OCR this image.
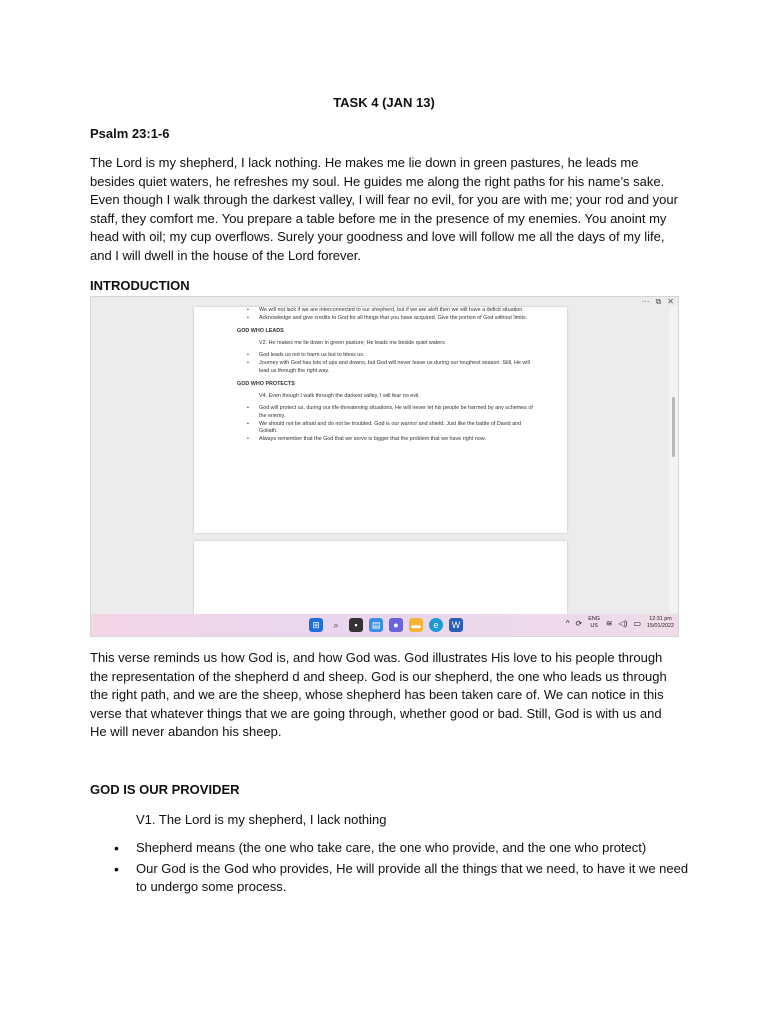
TASK 4 (JAN 13)
Psalm 23:1-6
The Lord is my shepherd, I lack nothing. He makes me lie down in green pastures, he leads me besides quiet waters, he refreshes my soul. He guides me along the right paths for his name’s sake. Even though I walk through the darkest valley, I will fear no evil, for you are with me; your rod and your staff, they comfort me. You prepare a table before me in the presence of my enemies. You anoint my head with oil; my cup overflows. Surely your goodness and love will follow me all the days of my life, and I will dwell in the house of the Lord forever.
INTRODUCTION
··· ⧉ ✕
• We will not lack if we are interconnected to our shepherd, but if we are aloft then we will have a deficit situation.
• Acknowledge and give credits to God for all things that you have acquired. Give the portion of God without limits.
GOD WHO LEADS
V2. He makes me lie down in green pasture; He leads me beside quiet waters
• God leads us not to harm us but to bless us.
• Journey with God has lots of ups and downs, but God will never leave us during our toughest season. Still, He will lead us through the right way.
GOD WHO PROTECTS
V4. Even though I walk through the darkest valley, I will fear no evil.
• God will protect us, during our life-threatening situations, He will never let his people be harmed by any schemes of the enemy.
• We should not be afraid and do not be troubled. God is our warrior and shield. Just like the battle of David and Goliath.
• Always remember that the God that we serve is bigger that the problem that we have right now.
⊞	⌕	▪	▤	●	▬	e	W	^ ⟳ ENG
US ≋ ◁) ▭	12:31 pm
15/01/2022
This verse reminds us how God is, and how God was. God illustrates His love to his people through the representation of the shepherd d and sheep. God is our shepherd, the one who leads us through the right path, and we are the sheep, whose shepherd has been taken care of. We can notice in this verse that whatever things that we are going through, whether good or bad. Still, God is with us and He will never abandon his sheep.
GOD IS OUR PROVIDER
V1. The Lord is my shepherd, I lack nothing
• Shepherd means (the one who take care, the one who provide, and the one who protect)
• Our God is the God who provides, He will provide all the things that we need, to have it we need to undergo some process.
